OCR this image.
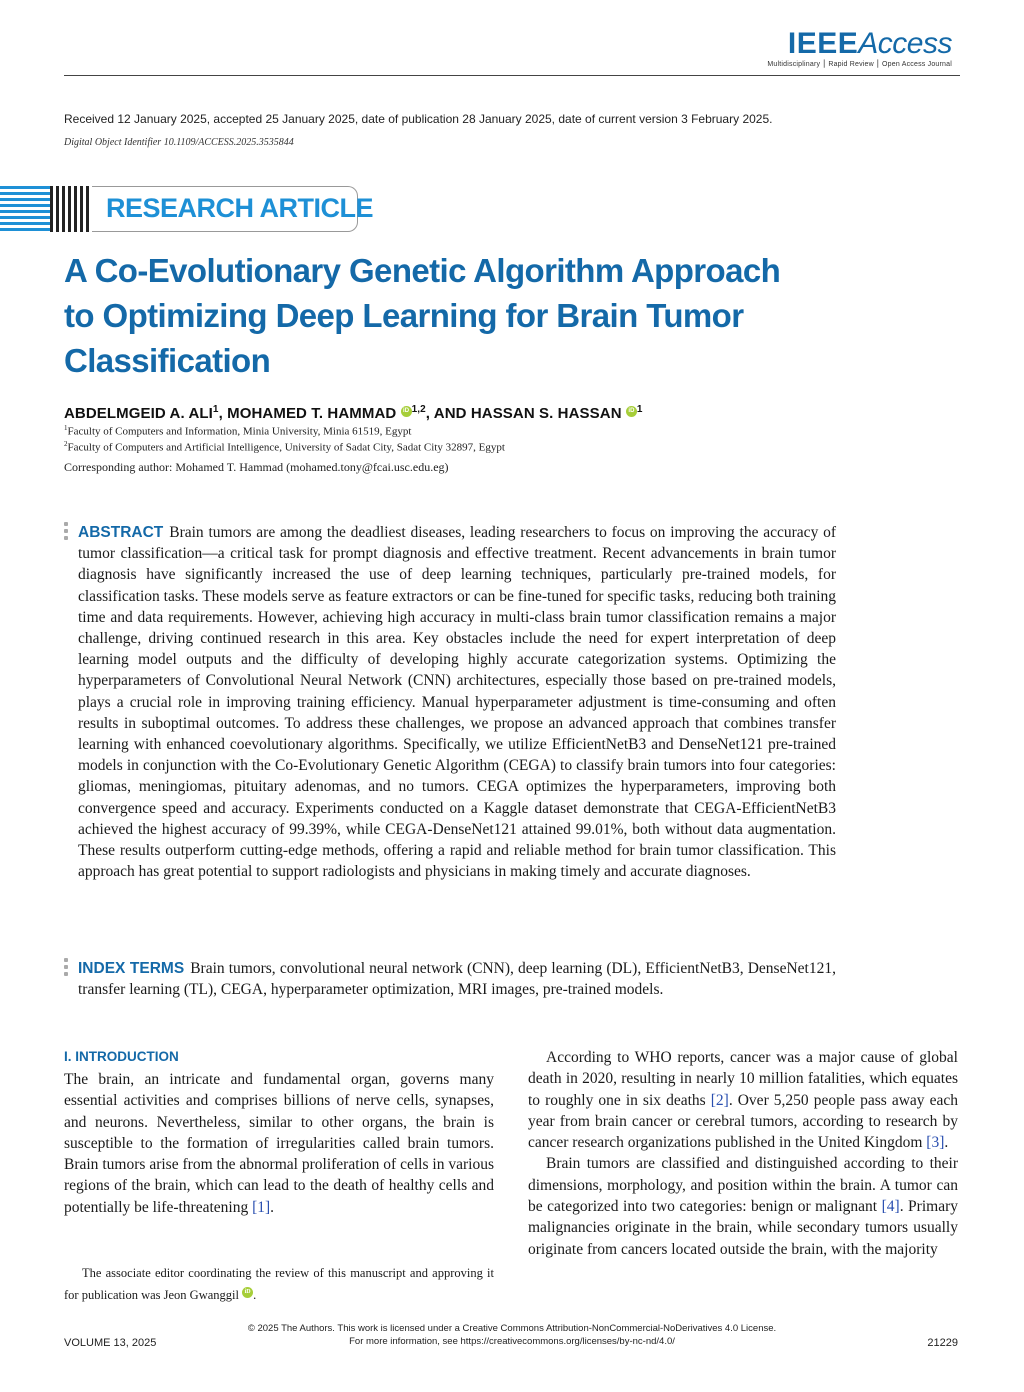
IEEEAccess
Multidisciplinary ⎮ Rapid Review ⎮ Open Access Journal
Received 12 January 2025, accepted 25 January 2025, date of publication 28 January 2025, date of current version 3 February 2025.
Digital Object Identifier 10.1109/ACCESS.2025.3535844
RESEARCH ARTICLE
A Co-Evolutionary Genetic Algorithm Approach
to Optimizing Deep Learning for Brain Tumor
Classification
ABDELMGEID A. ALI$^1$, MOHAMED T. HAMMAD iD $^{1,2}$, AND HASSAN S. HASSAN iD $^1$
$^1$Faculty of Computers and Information, Minia University, Minia 61519, Egypt
$^2$Faculty of Computers and Artificial Intelligence, University of Sadat City, Sadat City 32897, Egypt
Corresponding author: Mohamed T. Hammad (mohamed.tony@fcai.usc.edu.eg)
ABSTRACT Brain tumors are among the deadliest diseases, leading researchers to focus on improving the accuracy of tumor classification—a critical task for prompt diagnosis and effective treatment. Recent advancements in brain tumor diagnosis have significantly increased the use of deep learning techniques, particularly pre-trained models, for classification tasks. These models serve as feature extractors or can be fine-tuned for specific tasks, reducing both training time and data requirements. However, achieving high accuracy in multi-class brain tumor classification remains a major challenge, driving continued research in this area. Key obstacles include the need for expert interpretation of deep learning model outputs and the difficulty of developing highly accurate categorization systems. Optimizing the hyperparameters of Convolutional Neural Network (CNN) architectures, especially those based on pre-trained models, plays a crucial role in improving training efficiency. Manual hyperparameter adjustment is time-consuming and often results in suboptimal outcomes. To address these challenges, we propose an advanced approach that combines transfer learning with enhanced coevolutionary algorithms. Specifically, we utilize EfficientNetB3 and DenseNet121 pre-trained models in conjunction with the Co-Evolutionary Genetic Algorithm (CEGA) to classify brain tumors into four categories: gliomas, meningiomas, pituitary adenomas, and no tumors. CEGA optimizes the hyperparameters, improving both convergence speed and accuracy. Experiments conducted on a Kaggle dataset demonstrate that CEGA-EfficientNetB3 achieved the highest accuracy of 99.39%, while CEGA-DenseNet121 attained 99.01%, both without data augmentation. These results outperform cutting-edge methods, offering a rapid and reliable method for brain tumor classification. This approach has great potential to support radiologists and physicians in making timely and accurate diagnoses.
INDEX TERMS Brain tumors, convolutional neural network (CNN), deep learning (DL), EfficientNetB3, DenseNet121, transfer learning (TL), CEGA, hyperparameter optimization, MRI images, pre-trained models.
I. INTRODUCTION

The brain, an intricate and fundamental organ, governs many essential activities and comprises billions of nerve cells, synapses, and neurons. Nevertheless, similar to other organs, the brain is susceptible to the formation of irregularities called brain tumors. Brain tumors arise from the abnormal proliferation of cells in various regions of the brain, which can lead to the death of healthy cells and potentially be life-threatening [1].

The associate editor coordinating the review of this manuscript and approving it for publication was Jeon Gwanggil iD .

According to WHO reports, cancer was a major cause of global death in 2020, resulting in nearly 10 million fatalities, which equates to roughly one in six deaths [2]. Over 5,250 people pass away each year from brain cancer or cerebral tumors, according to research by cancer research organizations published in the United Kingdom [3].

Brain tumors are classified and distinguished according to their dimensions, morphology, and position within the brain. A tumor can be categorized into two categories: benign or malignant [4]. Primary malignancies originate in the brain, while secondary tumors usually originate from cancers located outside the brain, with the majority

© 2025 The Authors. This work is licensed under a Creative Commons Attribution-NonCommercial-NoDerivatives 4.0 License.
For more information, see https://creativecommons.org/licenses/by-nc-nd/4.0/
VOLUME 13, 2025	21229
